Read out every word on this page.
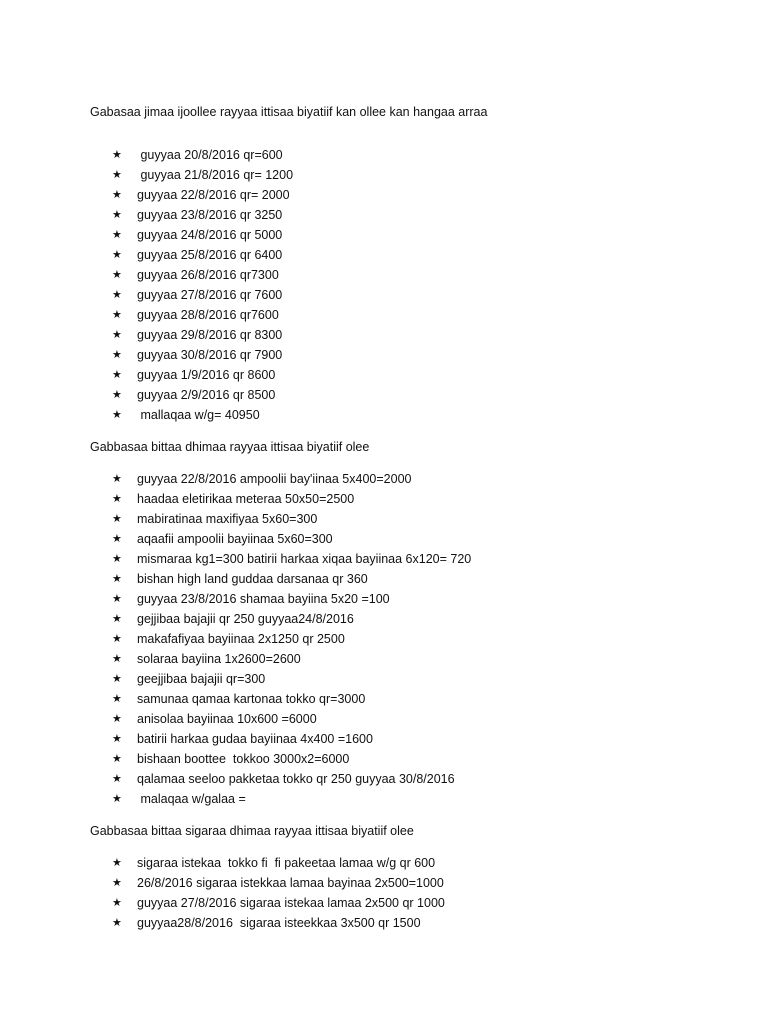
Gabasaa jimaa ijoollee rayyaa ittisaa biyatiif kan ollee kan hangaa arraa

★ guyyaa 20/8/2016 qr=600
★ guyyaa 21/8/2016 qr= 1200
★ guyyaa 22/8/2016 qr= 2000
★ guyyaa 23/8/2016 qr 3250
★ guyyaa 24/8/2016 qr 5000
★ guyyaa 25/8/2016 qr 6400
★ guyyaa 26/8/2016 qr7300
★ guyyaa 27/8/2016 qr 7600
★ guyyaa 28/8/2016 qr7600
★ guyyaa 29/8/2016 qr 8300
★ guyyaa 30/8/2016 qr 7900
★ guyyaa 1/9/2016 qr 8600
★ guyyaa 2/9/2016 qr 8500
★ mallaqaa w/g= 40950

Gabbasaa bittaa dhimaa rayyaa ittisaa biyatiif olee

★ guyyaa 22/8/2016 ampoolii bay'iinaa 5x400=2000
★ haadaa eletirikaa meteraa 50x50=2500
★ mabiratinaa maxifiyaa 5x60=300
★ aqaafii ampoolii bayiinaa 5x60=300
★ mismaraa kg1=300 batirii harkaa xiqaa bayiinaa 6x120= 720
★ bishan high land guddaa darsanaa qr 360
★ guyyaa 23/8/2016 shamaa bayiina 5x20 =100
★ gejjibaa bajajii qr 250 guyyaa24/8/2016
★ makafafiyaa bayiinaa 2x1250 qr 2500
★ solaraa bayiina 1x2600=2600
★ geejjibaa bajajii qr=300
★ samunaa qamaa kartonaa tokko qr=3000
★ anisolaa bayiinaa 10x600 =6000
★ batirii harkaa gudaa bayiinaa 4x400 =1600
★ bishaan boottee  tokkoo 3000x2=6000
★ qalamaa seeloo pakketaa tokko qr 250 guyyaa 30/8/2016
★ malaqaa w/galaa =

Gabbasaa bittaa sigaraa dhimaa rayyaa ittisaa biyatiif olee

★ sigaraa istekaa  tokko fi  fi pakeetaa lamaa w/g qr 600
★ 26/8/2016 sigaraa istekkaa lamaa bayinaa 2x500=1000
★ guyyaa 27/8/2016 sigaraa istekaa lamaa 2x500 qr 1000
★ guyyaa28/8/2016  sigaraa isteekkaa 3x500 qr 1500
